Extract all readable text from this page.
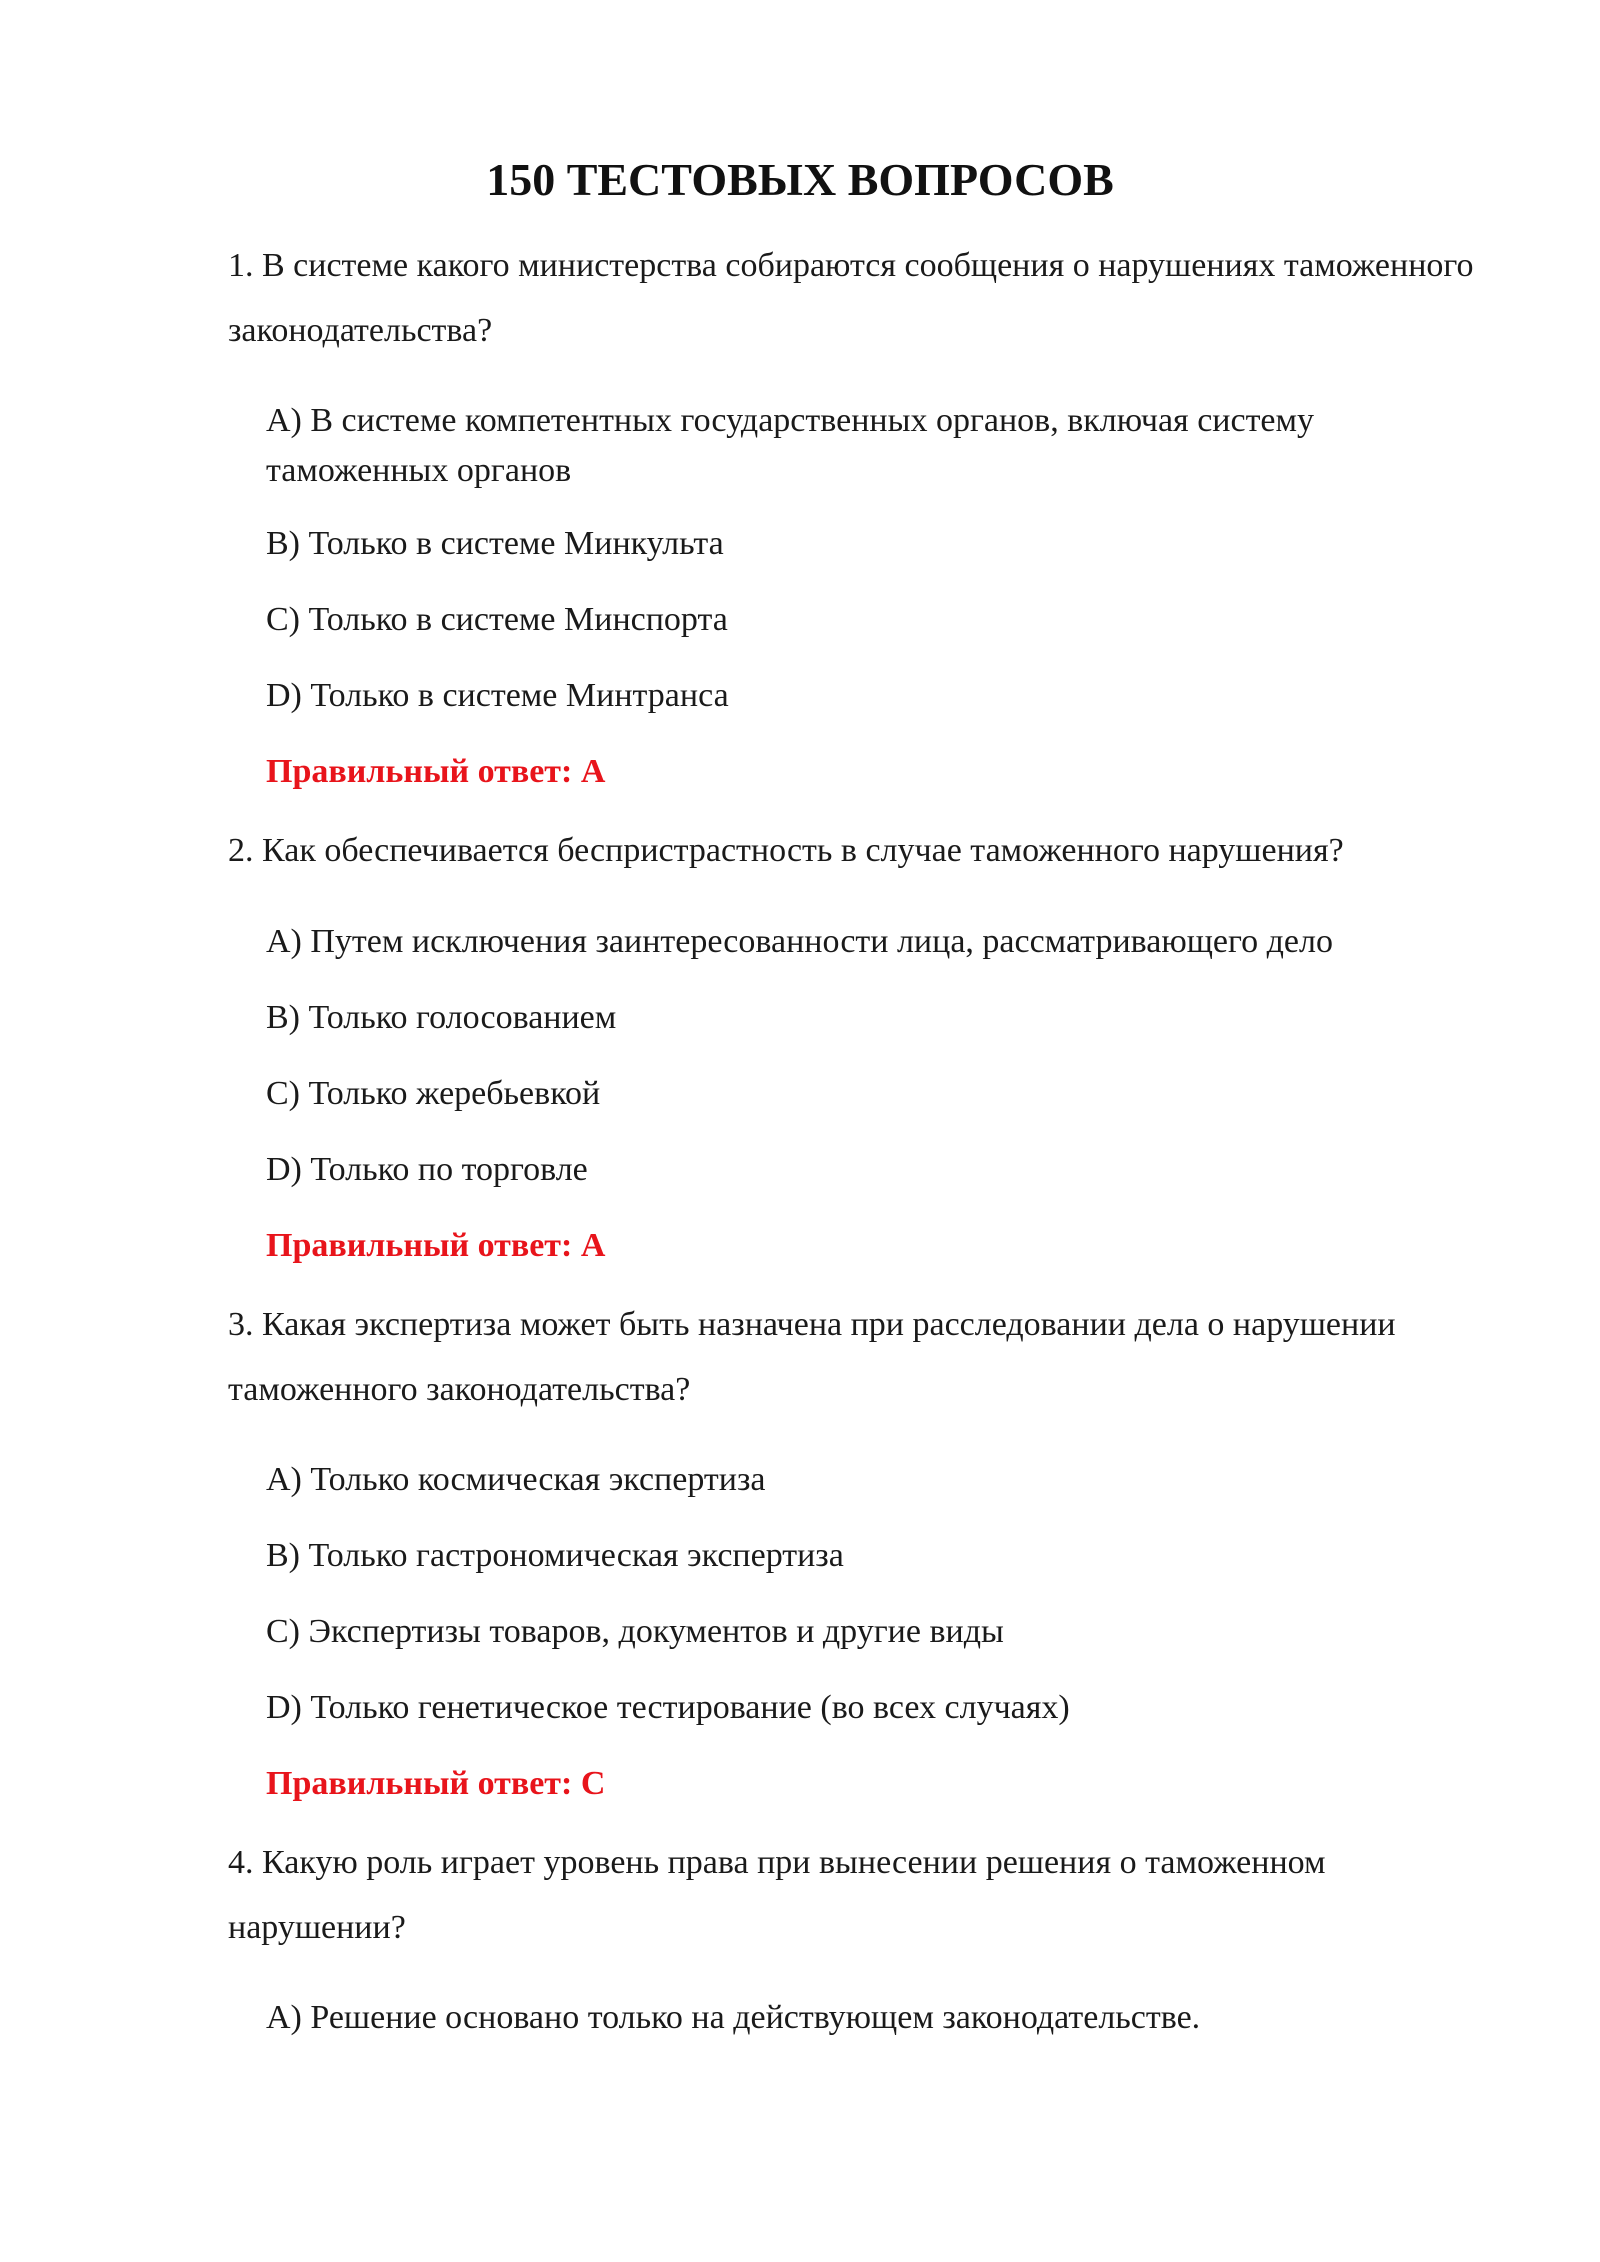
150 ТЕСТОВЫХ ВОПРОСОВ

1. В системе какого министерства собираются сообщения о нарушениях таможенного законодательства?

A) В системе компетентных государственных органов, включая систему таможенных органов

B) Только в системе Минкульта

C) Только в системе Минспорта

D) Только в системе Минтранса

Правильный ответ: A

2. Как обеспечивается беспристрастность в случае таможенного нарушения?

A) Путем исключения заинтересованности лица, рассматривающего дело

B) Только голосованием

C) Только жеребьевкой

D) Только по торговле

Правильный ответ: A

3. Какая экспертиза может быть назначена при расследовании дела о нарушении таможенного законодательства?

A) Только космическая экспертиза

B) Только гастрономическая экспертиза

C) Экспертизы товаров, документов и другие виды

D) Только генетическое тестирование (во всех случаях)

Правильный ответ: C

4. Какую роль играет уровень права при вынесении решения о таможенном нарушении?

A) Решение основано только на действующем законодательстве.
